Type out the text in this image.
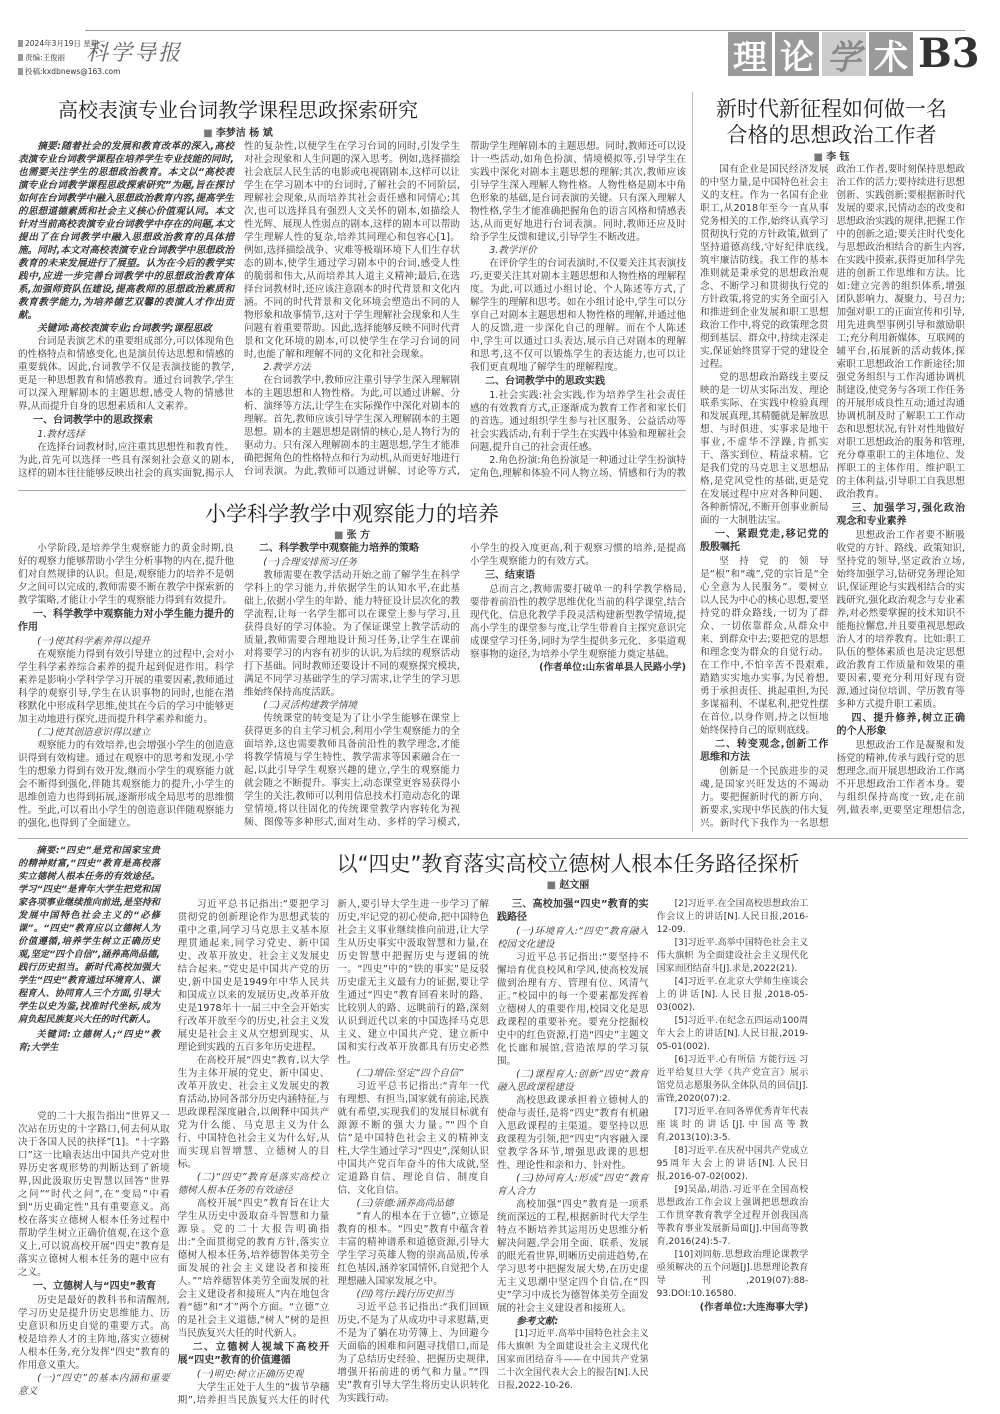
2024年3月19日 星期二
责编:王俊丽
投稿:kxdbnews@163.com
科学导报	理 论 学 术 B3
高校表演专业台词教学课程思政探索研究
■ 李梦洁 杨 斌

摘要:随着社会的发展和教育改革的深入,高校表演专业台词教学课程在培养学生专业技能的同时,也需要关注学生的思想政治教育。本文以“高校表演专业台词教学课程思政探索研究”为题,旨在探讨如何在台词教学中融入思想政治教育内容,提高学生的思想道德素质和社会主义核心价值观认同。本文针对当前高校表演专业台词教学中存在的问题,本文提出了在台词教学中融入思想政治教育的具体措施。同时,本文对高校表演专业台词教学中思想政治教育的未来发展进行了展望。认为在今后的教学实践中,应进一步完善台词教学中的思想政治教育体系,加强师资队伍建设,提高教师的思想政治素质和教育教学能力,为培养德艺双馨的表演人才作出贡献。

关键词:高校表演专业;台词教学;课程思政

台词是表演艺术的重要组成部分,可以体现角色的性格特点和情感变化,也是演员传达思想和情感的重要载体。因此,台词教学不仅是表演技能的教学,更是一种思想教育和情感教育。通过台词教学,学生可以深入理解剧本的主题思想,感受人物的情感世界,从而提升自身的思想素质和人文素养。

一、台词教学中的思政探索
1.教材选择

在选择台词教材时,应注重其思想性和教育性。为此,首先可以选择一些具有深刻社会意义的剧本,这样的剧本往往能够反映出社会的真实面貌,揭示人性的复杂性,以便学生在学习台词的同时,引发学生对社会现象和人生问题的深入思考。例如,选择描绘社会底层人民生活的电影或电视剧剧本,这样可以让学生在学习剧本中的台词时,了解社会的不同阶层,理解社会现象,从而培养其社会责任感和同情心;其次,也可以选择具有强烈人文关怀的剧本,如描绘人性光辉、展现人性弱点的剧本,这样的剧本可以帮助学生理解人性的复杂,培养其同理心和包容心[1]。例如,选择描绘战争、灾难等极端环境下人们生存状态的剧本,使学生通过学习剧本中的台词,感受人性的脆弱和伟大,从而培养其人道主义精神;最后,在选择台词教材时,还应该注意剧本的时代背景和文化内涵。不同的时代背景和文化环境会塑造出不同的人物形象和故事情节,这对于学生理解社会现象和人生问题有着重要帮助。因此,选择能够反映不同时代背景和文化环境的剧本,可以使学生在学习台词的同时,也能了解和理解不同的文化和社会现象。

2.教学方法

在台词教学中,教师应注重引导学生深入理解剧本的主题思想和人物性格。为此,可以通过讲解、分析、演绎等方法,让学生在实际操作中深化对剧本的理解。首先,教师应该引导学生深入理解剧本的主题思想。剧本的主题思想是剧情的核心,是人物行为的驱动力。只有深入理解剧本的主题思想,学生才能准确把握角色的性格特点和行为动机,从而更好地进行台词表演。为此,教师可以通过讲解、讨论等方式,帮助学生理解剧本的主题思想。同时,教师还可以设计一些活动,如角色扮演、情境模拟等,引导学生在实践中深化对剧本主题思想的理解;其次,教师应该引导学生深入理解人物性格。人物性格是剧本中角色形象的基础,是台词表演的关键。只有深入理解人物性格,学生才能准确把握角色的语言风格和情感表达,从而更好地进行台词表演。同时,教师还应及时给予学生反馈和建议,引导学生不断改进。

3.教学评价

在评价学生的台词表演时,不仅要关注其表演技巧,更要关注其对剧本主题思想和人物性格的理解程度。为此,可以通过小组讨论、个人陈述等方式,了解学生的理解和思考。如在小组讨论中,学生可以分享自己对剧本主题思想和人物性格的理解,并通过他人的反馈,进一步深化自己的理解。而在个人陈述中,学生可以通过口头表达,展示自己对剧本的理解和思考,这不仅可以锻炼学生的表达能力,也可以让我们更直观地了解学生的理解程度。

二、台词教学中的思政实践

1.社会实践:社会实践,作为培养学生社会责任感的有效教育方式,正逐渐成为教育工作者和家长们的首选。通过组织学生参与社区服务、公益活动等社会实践活动,有利于学生在实践中体验和理解社会问题,提升自己的社会责任感。

2.角色扮演:角色扮演是一种通过让学生扮演特定角色,理解和体验不同人物立场、情感和行为的教

新时代新征程如何做一名
合格的思想政治工作者
■ 李 钰

国有企业是国民经济发展的中坚力量,是中国特色社会主义的支柱。作为一名国有企业职工,从2018年至今一直从事党务相关的工作,始终认真学习贯彻执行党的方针政策,做到了坚持道德高线,守好纪律底线,筑牢廉洁防线。我工作的基本准则就是秉承党的思想政治观念、不断学习和贯彻执行党的方针政策,将党的实务全面引入和推进到企业发展和职工思想政治工作中,将党的政策理念贯彻到基层、群众中,持续走深走实,保证始终贯穿于党的建设全过程。

党的思想政治路线主要反映的是一切从实际出发、理论联系实际、在实践中检验真理和发展真理,其精髓就是解放思想、与时俱进、实事求是地干事业,不虚华不浮躁,肯抓实干、落实到位、精益求精。它是我们党的马克思主义思想品格,是党风党性的基础,更是党在发展过程中应对各种问题、各种新情况,不断开创事业新局面的一大制胜法宝。

一、紧跟党走,移记党的殷殷嘱托

坚持党的领导是“根”和“魂”,党的宗旨是“全心全意为人民服务”。要树立以人民为中心的核心思想,要坚持党的群众路线,一切为了群众、一切依靠群众,从群众中来、到群众中去;要把党的思想和理念变为群众的自觉行动。在工作中,不怕辛苦不畏艰难,踏踏实实地办实事,为民着想,勇于承担责任、挑起重担,为民多谋福利、不谋私利,把党性摆在首位,以身作则,持之以恒地始终保持自己的原则底线。

二、转变观念,创新工作思维和方法

创新是一个民族进步的灵魂,是国家兴旺发达的不竭动力。要把握新时代的新方向、新要求,实现中华民族的伟大复兴。新时代下我作为一名思想政治工作者,要时刻保持思想政治工作的活力;要持续进行思想创新、实践创新;要根据新时代发展的要求,民情动态的改变和思想政治实践的规律,把握工作中的创新之道;要关注时代变化与思想政治相结合的新生内容,在实践中摸索,获得更加科学先进的创新工作思维和方法。比如:建立完善的组织体系,增强团队影响力、凝聚力、号召力;加强对职工的正面宣传和引导,用先进典型事例引导和激励职工;充分利用新媒体、互联网的辅平台,拓展新的活动载体,探索职工思想政治工作新途径;加强党务组织与工作沟通协调机制建设,使党务与各项工作任务的开展形成良性互动;通过沟通协调机制及时了解职工工作动态和思想状况,有针对性地做好对职工思想政治的服务和管理,充分尊重职工的主体地位、发挥职工的主体作用、维护职工的主体利益,引导职工自我思想政治教育。

三、加强学习,强化政治观念和专业素养

思想政治工作者要不断吸收党的方针、路线、政策知识,坚持党的领导,坚定政治立场,始终加强学习,钻研党务理论知识,保证理论与实践相结合的实践研究,强化政治观念与专业素养,对必然要掌握的技术知识不能拖拉懈怠,并且要重视思想政治人才的培养教育。比如:职工队伍的整体素质也是决定思想政治教育工作质量和效果的重要因素,要充分利用好现有资源,通过岗位培训、学历教育等多种方式提升职工素质。

四、提升修养,树立正确的个人形象

思想政治工作是凝聚和发扬党的精神,传承与践行党的思想理念,而开展思想政治工作离不开思想政治工作者本身。要与组织保持高度一致,走在前列,做表率,更要坚定理想信念,

小学科学教学中观察能力的培养
■ 张 方

小学阶段,是培养学生观察能力的黄金时期,良好的观察力能够帮助小学生分析事物的内在,提升他们对自然规律的认识。但是,观察能力的培养不是朝夕之间可以完成的,教师需要不断在教学中探索新的教学策略,才能让小学生的观察能力得到有效提升。

一、科学教学中观察能力对小学生能力提升的作用
(一)使其科学素养得以提升

在观察能力得到有效引导建立的过程中,会对小学生科学素养综合素养的提升起到促进作用。科学素养是影响小学科学学习开展的重要因素,教师通过科学的观察引导,学生在认识事物的同时,也能在潜移默化中形成科学思维,使其在今后的学习中能够更加主动地进行探究,进而提升科学素养和能力。

(二)使其创造意识得以建立

观察能力的有效培养,也会增强小学生的创造意识得到有效构建。通过在观察中的思考和发现,小学生的想象力得到有效开发,继而小学生的观察能力就会不断得到强化,伴随其观察能力的提升,小学生的思维创造力也得到拓展,逐渐形成全局思考的思维惯性。至此,可以看出小学生的创造意识伴随观察能力的强化,也得到了全面建立。

二、科学教学中观察能力培养的策略
(一)合理安排预习任务

教师需要在教学活动开始之前了解学生在科学学科上的学习能力,并依据学生的认知水平,在此基础上,依据小学生的年龄、能力特征设计层次化的教学流程,让每一名学生都可以在课堂上参与学习,且获得良好的学习体验。为了保证课堂上教学活动的质量,教师需要合理地设计预习任务,让学生在课前对将要学习的内容有初步的认识,为后续的观察活动打下基础。同时教师还要设计不同的观察探究模块,满足不同学习基础学生的学习需求,让学生的学习思维始终保持高度活跃。

(二)灵活构建教学情境

传统课堂的转变是为了让小学生能够在课堂上获得更多的自主学习机会,利用小学生观察能力的全面培养,这也需要教师具备前沿性的教学理念,才能将教学情境与学生特性、教学需求等因素融合在一起,以此引导学生观察兴趣的建立,学生的观察能力就会随之不断提升。事实上,动态课堂更容易获得小学生的关注,教师可以利用信息技术打造动态化的课堂情境,将以往固化的传统课堂教学内容转化为视频、图像等多种形式,面对生动、多样的学习模式,小学生的投入度更高,利于观察习惯的培养,是提高小学生观察能力的有效方式。

三、结束语

总而言之,教师需要打破单一的科学教学格局,要带着前沿性的教学思维优化当前的科学课堂,结合现代化、信息化教学手段灵活构建新型教学情境,提高小学生的课堂参与度,让学生带着自主探究意识完成课堂学习任务,同时为学生提供多元化、多渠道观察事物的途径,为培养小学生观察能力奠定基础。

(作者单位:山东省单县人民路小学)

摘要:“四史”是党和国家宝贵的精神财富,“四史”教育是高校落实立德树人根本任务的有效途径。学习“四史”是青年大学生把党和国家各项事业继续推向前进,是坚持和发展中国特色社会主义的“必修课”。“四史”教育应以立德树人为价值遵循,培养学生树立正确历史观,坚定“四个自信”,涵养高尚品德,践行历史担当。新时代高校加强大学生“四史”教育通过环境育人、课程育人、协同育人三个方面,引导大学生以史为鉴,找准时代坐标,成为肩负起民族复兴大任的时代新人。

关键词:立德树人;“四史”教育;大学生

以“四史”教育落实高校立德树人根本任务路径探析
■ 赵文丽

党的二十大报告指出“世界又一次站在历史的十字路口,何去何从取决于各国人民的抉择”[1]。“十字路口”这一比喻表达出中国共产党对世界历史客观形势的判断达到了新境界,因此汲取历史智慧以回答“世界之问”“时代之问”,在“变局”中看到“历史确定性”具有重要意义。高校在落实立德树人根本任务过程中帮助学生树立正确价值观,在这个意义上,可以说高校开展“四史”教育是落实立德树人根本任务的题中应有之义。

一、立德树人与“四史”教育

历史是最好的教科书和清醒剂,学习历史是提升历史思维能力、历史意识和历史自觉的重要方式。高校是培养人才的主阵地,落实立德树人根本任务,充分发挥“四史”教育的作用意义重大。

(一)“四史”的基本内涵和重要意义

习近平总书记指出:“要把学习贯彻党的创新理论作为思想武装的重中之重,同学习马克思主义基本原理贯通起来,同学习党史、新中国史、改革开放史、社会主义发展史结合起来。”党史是中国共产党的历史,新中国史是1949年中华人民共和国成立以来的发展历史,改革开放史是1978年十一届三中全会开始实行改革开放至今的历史,社会主义发展史是社会主义从空想到现实、从理论到实践的五百多年历史进程。

在高校开展“四史”教育,以大学生为主体开展的党史、新中国史、改革开放史、社会主义发展史的教育活动,协同各部分历史内涵特征,与思政课程深度融合,以阐释中国共产党为什么能、马克思主义为什么行、中国特色社会主义为什么好,从而实现启智增慧、立德树人的目标。

(二)“四史”教育是落实高校立德树人根本任务的有效途径

高校开展“四史”教育旨在让大学生从历史中汲取奋斗智慧和力量源泉。党的二十大报告明确指出:“全面贯彻党的教育方针,落实立德树人根本任务,培养德智体美劳全面发展的社会主义建设者和接班人。”“培养德智体美劳全面发展的社会主义建设者和接班人”内在地包含着“德”和“才”两个方面。“立德”立的是社会主义道德,“树人”树的是担当民族复兴大任的时代新人。

二、立德树人视域下高校开展“四史”教育的价值遵循
(一)明史:树立正确历史观

大学生正处于人生的“拔节孕穗期”,培养担当民族复兴大任的时代新人,要引导大学生进一步学习了解历史,牢记党的初心使命,把中国特色社会主义事业继续推向前进,让大学生从历史事实中汲取智慧和力量,在历史智慧中把握历史与逻辑的统一。“四史”中的“铁的事实”是反驳历史虚无主义最有力的证据,要让学生通过“四史”教育回看来时的路、比较别人的路、远眺前行的路,深刻认识到近代以来的中国选择马克思主义、建立中国共产党、建立新中国和实行改革开放都具有历史必然性。

(二)增信:坚定“四个自信”

习近平总书记指出:“青年一代有理想、有担当,国家就有前途,民族就有希望,实现我们的发展目标就有源源不断的强大力量。”“四个自信”是中国特色社会主义的精神支柱,大学生通过学习“四史”,深刻认识中国共产党百年奋斗的伟大成就,坚定道路自信、理论自信、制度自信、文化自信。

(三)崇德:涵养高尚品德

“育人的根本在于立德”,立德是教育的根本。“四史”教育中蕴含着丰富的精神谱系和道德资源,引导大学生学习英雄人物的崇高品质,传承红色基因,涵养家国情怀,自觉把个人理想融入国家发展之中。

(四)笃行:践行历史担当

习近平总书记指出:“我们回顾历史,不是为了从成功中寻求慰藉,更不是为了躺在功劳簿上、为回避今天面临的困难和问题寻找借口,而是为了总结历史经验、把握历史规律,增强开拓前进的勇气和力量。”“四史”教育引导大学生将历史认识转化为实践行动。

三、高校加强“四史”教育的实践路径
(一)环境育人:“四史”教育融入校园文化建设

习近平总书记指出:“要坚持不懈培育优良校风和学风,使高校发展做到治理有方、管理有位、风清气正。”校园中的每一个要素都发挥着立德树人的重要作用,校园文化是思政课程的重要补充。要充分挖掘校史中的红色资源,打造“四史”主题文化长廊和展馆,营造浓厚的学习氛围。

(二)课程育人:创新“四史”教育融入思政课程建设

高校思政课承担着立德树人的使命与责任,是将“四史”教育有机融入思政课程的主渠道。要坚持以思政课程为引领,把“四史”内容融入课堂教学各环节,增强思政课的思想性、理论性和亲和力、针对性。

(三)协同育人:形成“四史”教育育人合力

高校加强“四史”教育是一项系统而深远的工程,根据新时代大学生特点不断培养其运用历史思维分析解决问题,学会用全面、联系、发展的眼光看世界,明晰历史前进趋势,在学习思考中把握发展大势,在历史虚无主义思潮中坚定四个自信,在“四史”学习中成长为德智体美劳全面发展的社会主义建设者和接班人。

参考文献:

[1]习近平.高举中国特色社会主义伟大旗帜 为全面建设社会主义现代化国家而团结奋斗——在中国共产党第二十次全国代表大会上的报告[N].人民日报,2022-10-26.

[2]习近平.在全国高校思想政治工作会议上的讲话[N].人民日报,2016-12-09.

[3]习近平.高举中国特色社会主义伟大旗帜 为全面建设社会主义现代化国家而团结奋斗[J].求是,2022(21).

[4]习近平.在北京大学师生座谈会上的讲话[N].人民日报,2018-05-03(002).

[5]习近平.在纪念五四运动100周年大会上的讲话[N].人民日报,2019-05-01(002).

[6]习近平.心有所信 方能行远 习近平给复旦大学《共产党宣言》展示馆党员志愿服务队全体队员的回信[J].雷锋,2020(07):2.

[7]习近平.在同各界优秀青年代表座谈时的讲话[J].中国高等教育,2013(10):3-5.

[8]习近平.在庆祝中国共产党成立95周年大会上的讲话[N].人民日报,2016-07-02(002).

[9]吴晶,胡浩.习近平在全国高校思想政治工作会议上强调把思想政治工作贯穿教育教学全过程开创我国高等教育事业发展新局面[J].中国高等教育,2016(24):5-7.

[10]刘同舫.思想政治理论课教学亟须解决的五个问题[J].思想理论教育导刊,2019(07):88-93.DOI:10.16580.

(作者单位:大连海事大学)
